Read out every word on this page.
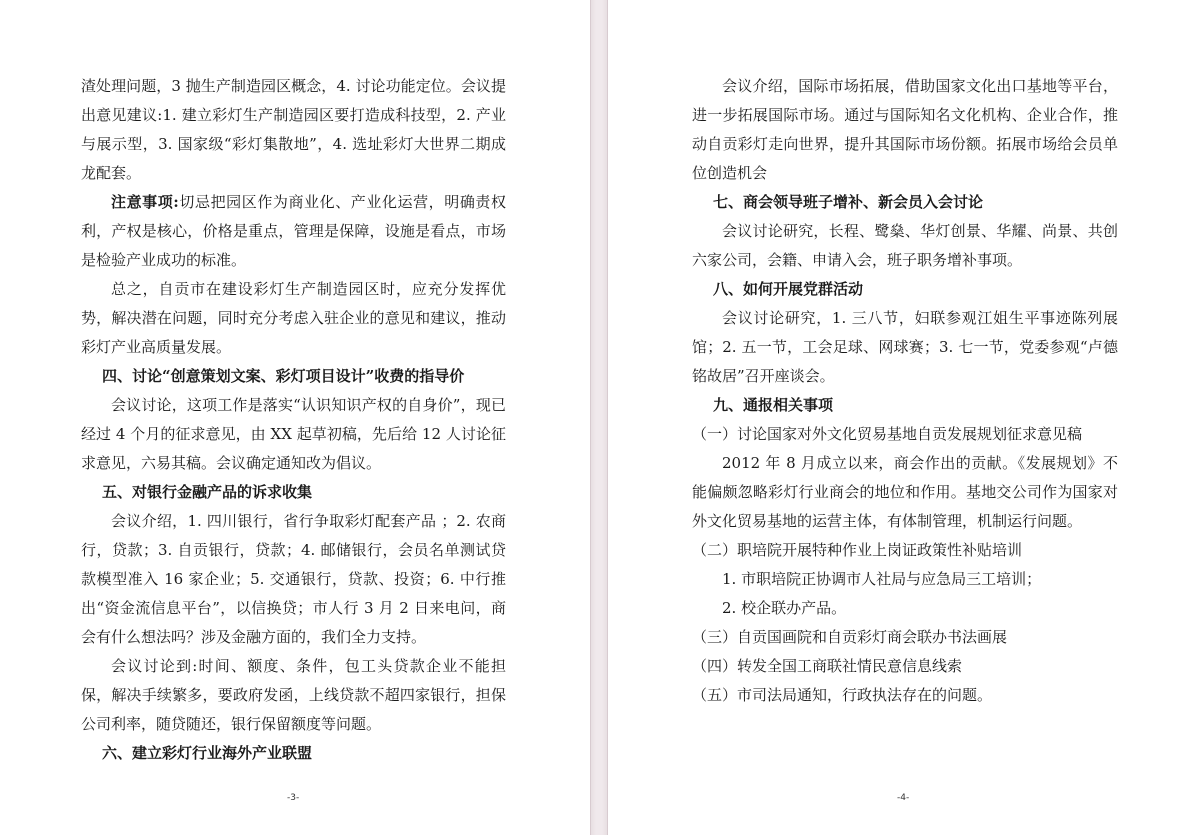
渣处理问题，3 抛生产制造园区概念，4. 讨论功能定位。会议提出意见建议:1. 建立彩灯生产制造园区要打造成科技型，2. 产业与展示型，3. 国家级“彩灯集散地”，4. 选址彩灯大世界二期成龙配套。

注意事项:切忌把园区作为商业化、产业化运营，明确责权利，产权是核心，价格是重点，管理是保障，设施是看点，市场是检验产业成功的标准。

总之，自贡市在建设彩灯生产制造园区时，应充分发挥优势，解决潜在问题，同时充分考虑入驻企业的意见和建议，推动彩灯产业高质量发展。

四、讨论“创意策划文案、彩灯项目设计”收费的指导价

会议讨论，这项工作是落实“认识知识产权的自身价”，现已经过 4 个月的征求意见，由 XX 起草初稿，先后给 12 人讨论征求意见，六易其稿。会议确定通知改为倡议。

五、对银行金融产品的诉求收集

会议介绍，1. 四川银行，省行争取彩灯配套产品 ；2. 农商行，贷款；3. 自贡银行，贷款；4. 邮储银行，会员名单测试贷款模型准入 16 家企业；5. 交通银行，贷款、投资；6. 中行推出“资金流信息平台”，以信换贷；市人行 3 月 2 日来电问，商会有什么想法吗？涉及金融方面的，我们全力支持。

会议讨论到:时间、额度、条件，包工头贷款企业不能担保，解决手续繁多，要政府发函，上线贷款不超四家银行，担保公司利率，随贷随还，银行保留额度等问题。

六、建立彩灯行业海外产业联盟

-3-

会议介绍，国际市场拓展，借助国家文化出口基地等平台，进一步拓展国际市场。通过与国际知名文化机构、企业合作，推动自贡彩灯走向世界，提升其国际市场份额。拓展市场给会员单位创造机会

七、商会领导班子增补、新会员入会讨论

会议讨论研究，长程、鹭燊、华灯创景、华耀、尚景、共创六家公司，会籍、申请入会，班子职务增补事项。

八、如何开展党群活动

会议讨论研究，1. 三八节，妇联参观江姐生平事迹陈列展馆；2. 五一节，工会足球、网球赛；3. 七一节，党委参观“卢德铭故居”召开座谈会。

九、通报相关事项

（一）讨论国家对外文化贸易基地自贡发展规划征求意见稿

2012 年 8 月成立以来，商会作出的贡献。《发展规划》不能偏颇忽略彩灯行业商会的地位和作用。基地交公司作为国家对外文化贸易基地的运营主体，有体制管理，机制运行问题。

（二）职培院开展特种作业上岗证政策性补贴培训

1. 市职培院正协调市人社局与应急局三工培训；

2. 校企联办产品。

（三）自贡国画院和自贡彩灯商会联办书法画展

（四）转发全国工商联社情民意信息线索

（五）市司法局通知，行政执法存在的问题。

-4-
